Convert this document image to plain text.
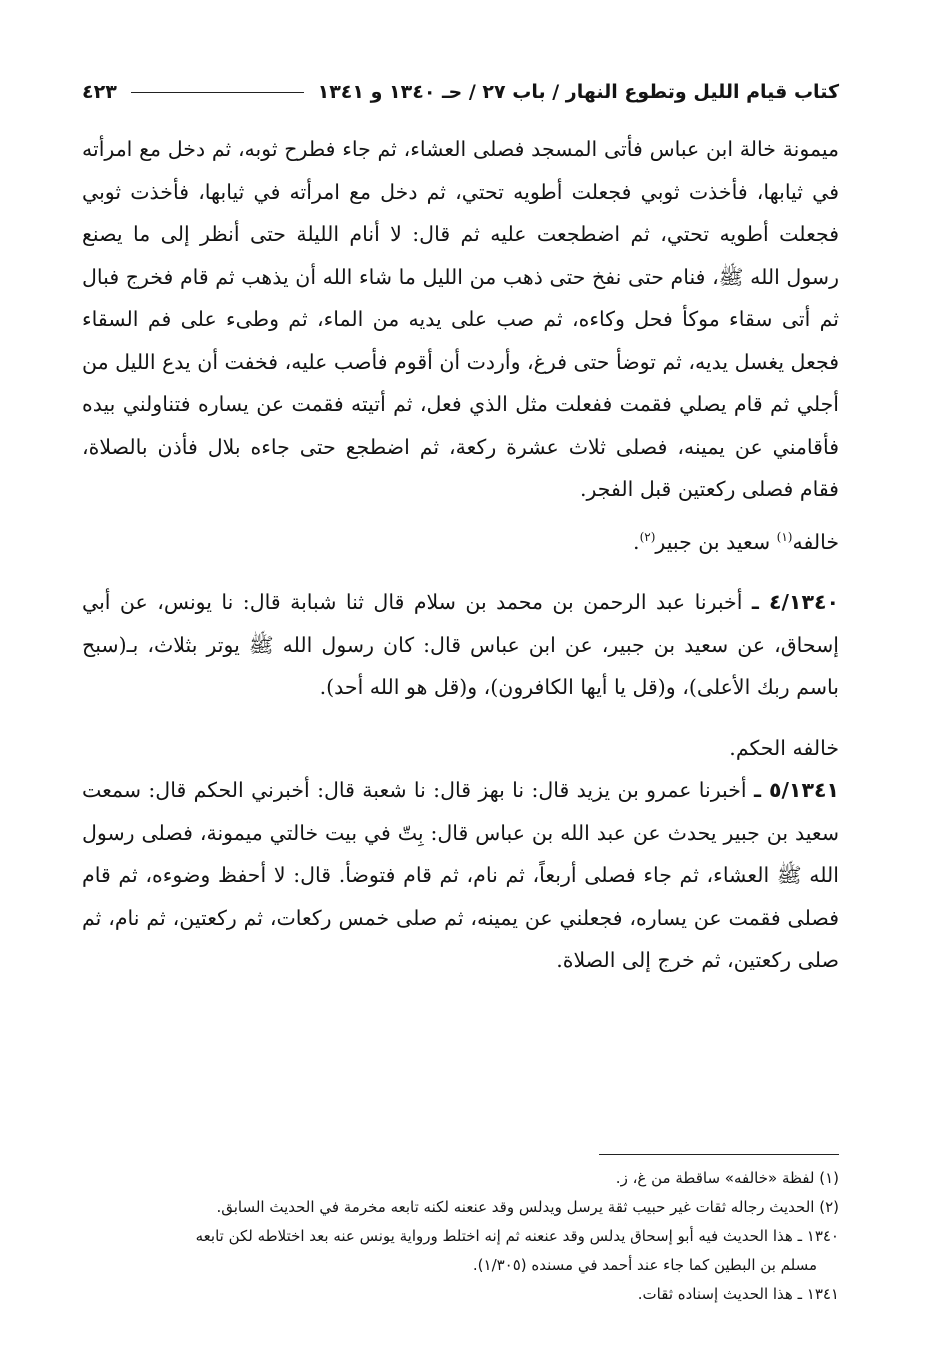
كتاب قيام الليل وتطوع النهار / باب ٢٧ / حـ ١٣٤٠ و ١٣٤١
٤٢٣

ميمونة خالة ابن عباس فأتى المسجد فصلى العشاء، ثم جاء فطرح ثوبه، ثم دخل مع امرأته في ثيابها، فأخذت ثوبي فجعلت أطويه تحتي، ثم دخل مع امرأته في ثيابها، فأخذت ثوبي فجعلت أطويه تحتي، ثم اضطجعت عليه ثم قال: لا أنام الليلة حتى أنظر إلى ما يصنع رسول الله ﷺ، فنام حتى نفخ حتى ذهب من الليل ما شاء الله أن يذهب ثم قام فخرج فبال ثم أتى سقاء موكأ فحل وكاءه، ثم صب على يديه من الماء، ثم وطىء على فم السقاء فجعل يغسل يديه، ثم توضأ حتى فرغ، وأردت أن أقوم فأصب عليه، فخفت أن يدع الليل من أجلي ثم قام يصلي فقمت ففعلت مثل الذي فعل، ثم أتيته فقمت عن يساره فتناولني بيده فأقامني عن يمينه، فصلى ثلاث عشرة ركعة، ثم اضطجع حتى جاءه بلال فأذن بالصلاة، فقام فصلى ركعتين قبل الفجر.

خالفه$^{(١)}$ سعيد بن جبير$^{(٢)}$.

٤/١٣٤٠ ـ أخبرنا عبد الرحمن بن محمد بن سلام قال ثنا شبابة قال: نا يونس، عن أبي إسحاق، عن سعيد بن جبير، عن ابن عباس قال: كان رسول الله ﷺ يوتر بثلاث، بـ(سبح باسم ربك الأعلى)، و(قل يا أيها الكافرون)، و(قل هو الله أحد).

خالفه الحكم.

٥/١٣٤١ ـ أخبرنا عمرو بن يزيد قال: نا بهز قال: نا شعبة قال: أخبرني الحكم قال: سمعت سعيد بن جبير يحدث عن عبد الله بن عباس قال: بِتّ في بيت خالتي ميمونة، فصلى رسول الله ﷺ العشاء، ثم جاء فصلى أربعاً، ثم نام، ثم قام فتوضأ. قال: لا أحفظ وضوءه، ثم قام فصلى فقمت عن يساره، فجعلني عن يمينه، ثم صلى خمس ركعات، ثم ركعتين، ثم نام، ثم صلى ركعتين، ثم خرج إلى الصلاة.

(١) لفظة «خالفه» ساقطة من غ، ز.

(٢) الحديث رجاله ثقات غير حبيب ثقة يرسل ويدلس وقد عنعنه لكنه تابعه مخرمة في الحديث السابق.

١٣٤٠ ـ هذا الحديث فيه أبو إسحاق يدلس وقد عنعنه ثم إنه اختلط ورواية يونس عنه بعد اختلاطه لكن تابعه

مسلم بن البطين كما جاء عند أحمد في مسنده (١/٣٠٥).

١٣٤١ ـ هذا الحديث إسناده ثقات.
